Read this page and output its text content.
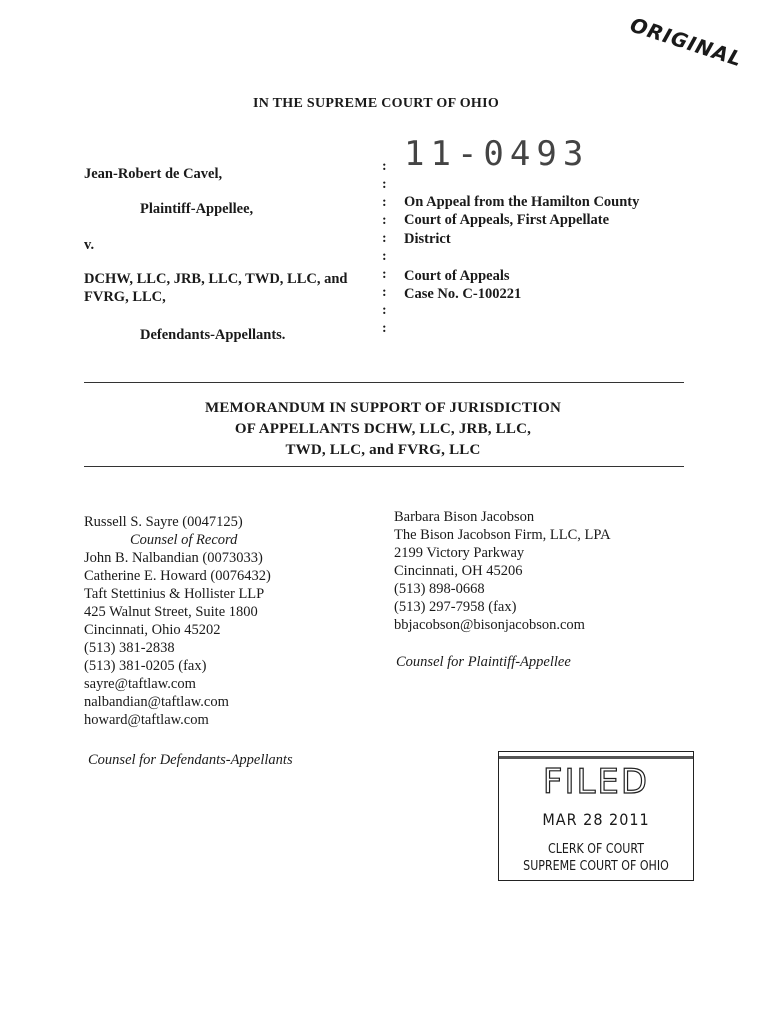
ORIGINAL
IN THE SUPREME COURT OF OHIO
Jean-Robert de Cavel,
Plaintiff-Appellee,
v.
DCHW, LLC, JRB, LLC, TWD, LLC, and
FVRG, LLC,
Defendants-Appellants.
:
:
:
:
:
:
:
:
:
:
11-0493
On Appeal from the Hamilton County
Court of Appeals, First Appellate
District
Court of Appeals
Case No. C-100221
MEMORANDUM IN SUPPORT OF JURISDICTION
OF APPELLANTS DCHW, LLC, JRB, LLC,
TWD, LLC, and FVRG, LLC
Russell S. Sayre (0047125)
Counsel of Record
John B. Nalbandian (0073033)
Catherine E. Howard (0076432)
Taft Stettinius & Hollister LLP
425 Walnut Street, Suite 1800
Cincinnati, Ohio 45202
(513) 381-2838
(513) 381-0205 (fax)
sayre@taftlaw.com
nalbandian@taftlaw.com
howard@taftlaw.com
Counsel for Defendants-Appellants
Barbara Bison Jacobson
The Bison Jacobson Firm, LLC, LPA
2199 Victory Parkway
Cincinnati, OH 45206
(513) 898-0668
(513) 297-7958 (fax)
bbjacobson@bisonjacobson.com
Counsel for Plaintiff-Appellee
FILED
MAR 28 2011
CLERK OF COURT
SUPREME COURT OF OHIO
